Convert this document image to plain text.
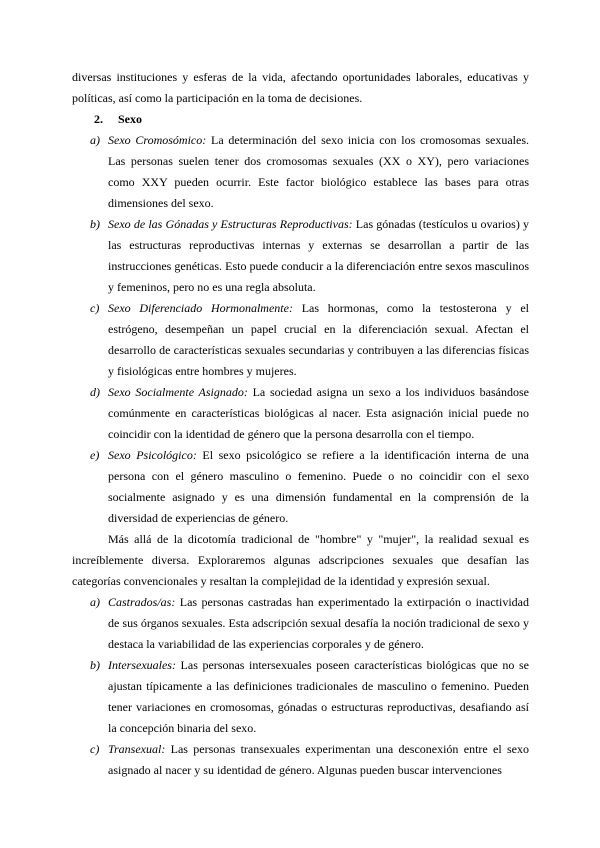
diversas instituciones y esferas de la vida, afectando oportunidades laborales, educativas y políticas, así como la participación en la toma de decisiones.

2. Sexo

a) Sexo Cromosómico: La determinación del sexo inicia con los cromosomas sexuales. Las personas suelen tener dos cromosomas sexuales (XX o XY), pero variaciones como XXY pueden ocurrir. Este factor biológico establece las bases para otras dimensiones del sexo.

b) Sexo de las Gónadas y Estructuras Reproductivas: Las gónadas (testículos u ovarios) y las estructuras reproductivas internas y externas se desarrollan a partir de las instrucciones genéticas. Esto puede conducir a la diferenciación entre sexos masculinos y femeninos, pero no es una regla absoluta.

c) Sexo Diferenciado Hormonalmente: Las hormonas, como la testosterona y el estrógeno, desempeñan un papel crucial en la diferenciación sexual. Afectan el desarrollo de características sexuales secundarias y contribuyen a las diferencias físicas y fisiológicas entre hombres y mujeres.

d) Sexo Socialmente Asignado: La sociedad asigna un sexo a los individuos basándose comúnmente en características biológicas al nacer. Esta asignación inicial puede no coincidir con la identidad de género que la persona desarrolla con el tiempo.

e) Sexo Psicológico: El sexo psicológico se refiere a la identificación interna de una persona con el género masculino o femenino. Puede o no coincidir con el sexo socialmente asignado y es una dimensión fundamental en la comprensión de la diversidad de experiencias de género.

Más allá de la dicotomía tradicional de "hombre" y "mujer", la realidad sexual es increíblemente diversa. Exploraremos algunas adscripciones sexuales que desafían las categorías convencionales y resaltan la complejidad de la identidad y expresión sexual.

a) Castrados/as: Las personas castradas han experimentado la extirpación o inactividad de sus órganos sexuales. Esta adscripción sexual desafía la noción tradicional de sexo y destaca la variabilidad de las experiencias corporales y de género.

b) Intersexuales: Las personas intersexuales poseen características biológicas que no se ajustan típicamente a las definiciones tradicionales de masculino o femenino. Pueden tener variaciones en cromosomas, gónadas o estructuras reproductivas, desafiando así la concepción binaria del sexo.

c) Transexual: Las personas transexuales experimentan una desconexión entre el sexo asignado al nacer y su identidad de género. Algunas pueden buscar intervenciones
